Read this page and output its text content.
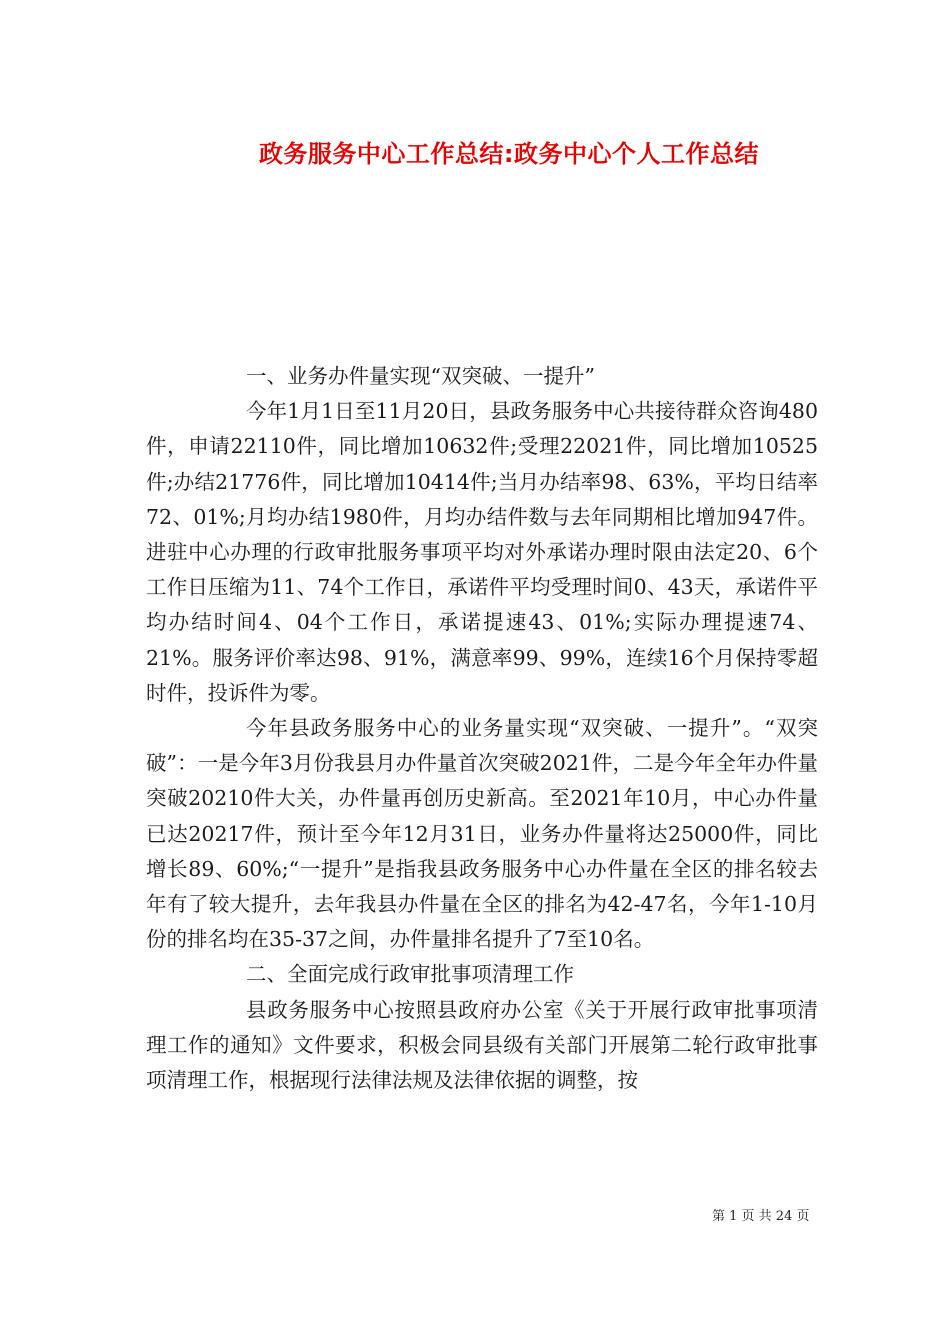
政务服务中心工作总结:政务中心个人工作总结

一、业务办件量实现“双突破、一提升”

今年1月1日至11月20日，县政务服务中心共接待群众咨询480件，申请22110件，同比增加10632件;受理22021件，同比增加10525件;办结21776件，同比增加10414件;当月办结率98、63%，平均日结率72、01%;月均办结1980件，月均办结件数与去年同期相比增加947件。进驻中心办理的行政审批服务事项平均对外承诺办理时限由法定20、6个工作日压缩为11、74个工作日，承诺件平均受理时间0、43天，承诺件平均办结时间4、04个工作日，承诺提速43、01%;实际办理提速74、21%。服务评价率达98、91%，满意率99、99%，连续16个月保持零超时件，投诉件为零。

今年县政务服务中心的业务量实现“双突破、一提升”。“双突破”：一是今年3月份我县月办件量首次突破2021件，二是今年全年办件量突破20210件大关，办件量再创历史新高。至2021年10月，中心办件量已达20217件，预计至今年12月31日，业务办件量将达25000件，同比增长89、60%;“一提升”是指我县政务服务中心办件量在全区的排名较去年有了较大提升，去年我县办件量在全区的排名为42-47名，今年1-10月份的排名均在35-37之间，办件量排名提升了7至10名。

二、全面完成行政审批事项清理工作

县政务服务中心按照县政府办公室《关于开展行政审批事项清理工作的通知》文件要求，积极会同县级有关部门开展第二轮行政审批事项清理工作，根据现行法律法规及法律依据的调整，按

第 1 页 共 24 页
